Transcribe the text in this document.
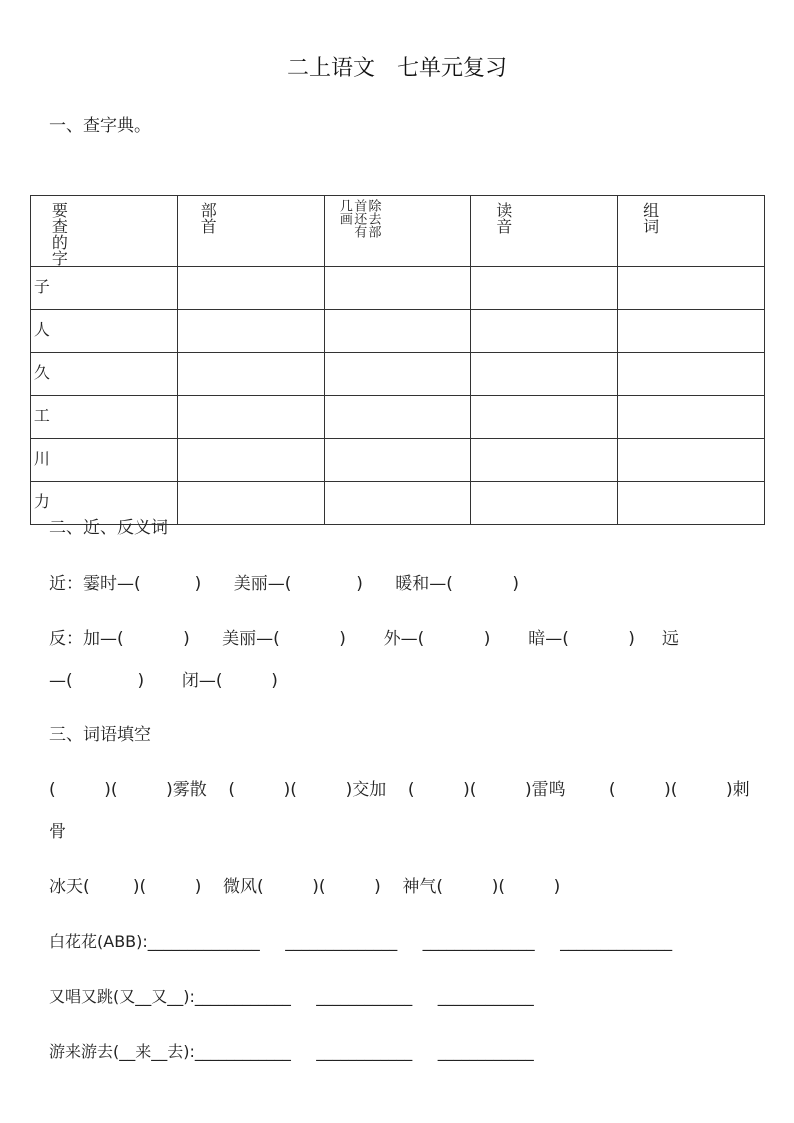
二上语文　七单元复习
一、查字典。
要查的字	部首	除去部首还有几画	读音	组词

子				
人				
久				
工				
川				
力				
二、近、反义词
近：霎时—(          )      美丽—(            )      暖和—(           )
反：加—(           )      美丽—(           )       外—(           )       暗—(           )     远
—(            )       闭—(         )
三、词语填空
(         )(         )雾散    (         )(         )交加    (         )(         )雷鸣        (         )(         )刺
骨
冰天(        )(         )    微风(         )(         )    神气(         )(         )
白花花(ABB):______________     ______________     ______________     ______________
又唱又跳(又__又__):____________     ____________     ____________
游来游去(__来__去):____________     ____________     ____________
